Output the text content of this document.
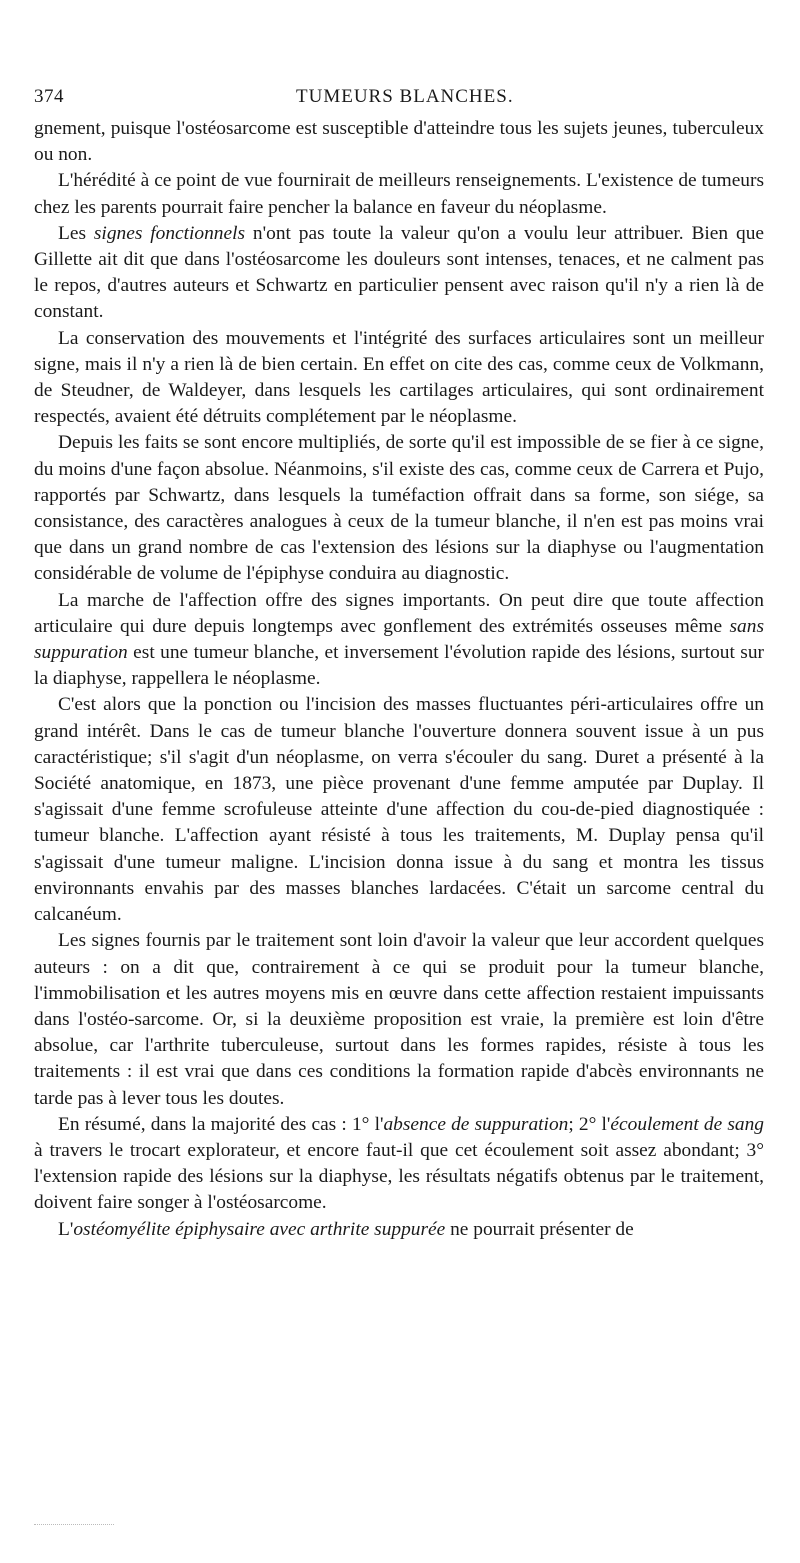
374	TUMEURS BLANCHES.

gnement, puisque l'ostéosarcome est susceptible d'atteindre tous les sujets jeunes, tuberculeux ou non.

L'hérédité à ce point de vue fournirait de meilleurs renseignements. L'existence de tumeurs chez les parents pourrait faire pencher la balance en faveur du néoplasme.

Les signes fonctionnels n'ont pas toute la valeur qu'on a voulu leur attribuer. Bien que Gillette ait dit que dans l'ostéosarcome les douleurs sont intenses, tenaces, et ne calment pas le repos, d'autres auteurs et Schwartz en particulier pensent avec raison qu'il n'y a rien là de constant.

La conservation des mouvements et l'intégrité des surfaces articulaires sont un meilleur signe, mais il n'y a rien là de bien certain. En effet on cite des cas, comme ceux de Volkmann, de Steudner, de Waldeyer, dans lesquels les cartilages articulaires, qui sont ordinairement respectés, avaient été détruits complétement par le néoplasme.

Depuis les faits se sont encore multipliés, de sorte qu'il est impossible de se fier à ce signe, du moins d'une façon absolue. Néanmoins, s'il existe des cas, comme ceux de Carrera et Pujo, rapportés par Schwartz, dans lesquels la tuméfaction offrait dans sa forme, son siége, sa consistance, des caractères analogues à ceux de la tumeur blanche, il n'en est pas moins vrai que dans un grand nombre de cas l'extension des lésions sur la diaphyse ou l'augmentation considérable de volume de l'épiphyse conduira au diagnostic.

La marche de l'affection offre des signes importants. On peut dire que toute affection articulaire qui dure depuis longtemps avec gonflement des extrémités osseuses même sans suppuration est une tumeur blanche, et inversement l'évolution rapide des lésions, surtout sur la diaphyse, rappellera le néoplasme.

C'est alors que la ponction ou l'incision des masses fluctuantes péri-articulaires offre un grand intérêt. Dans le cas de tumeur blanche l'ouverture donnera souvent issue à un pus caractéristique; s'il s'agit d'un néoplasme, on verra s'écouler du sang. Duret a présenté à la Société anatomique, en 1873, une pièce provenant d'une femme amputée par Duplay. Il s'agissait d'une femme scrofuleuse atteinte d'une affection du cou-de-pied diagnostiquée : tumeur blanche. L'affection ayant résisté à tous les traitements, M. Duplay pensa qu'il s'agissait d'une tumeur maligne. L'incision donna issue à du sang et montra les tissus environnants envahis par des masses blanches lardacées. C'était un sarcome central du calcanéum.

Les signes fournis par le traitement sont loin d'avoir la valeur que leur accordent quelques auteurs : on a dit que, contrairement à ce qui se produit pour la tumeur blanche, l'immobilisation et les autres moyens mis en œuvre dans cette affection restaient impuissants dans l'ostéo-sarcome. Or, si la deuxième proposition est vraie, la première est loin d'être absolue, car l'arthrite tuberculeuse, surtout dans les formes rapides, résiste à tous les traitements : il est vrai que dans ces conditions la formation rapide d'abcès environnants ne tarde pas à lever tous les doutes.

En résumé, dans la majorité des cas : 1° l'absence de suppuration; 2° l'écoulement de sang à travers le trocart explorateur, et encore faut-il que cet écoulement soit assez abondant; 3° l'extension rapide des lésions sur la diaphyse, les résultats négatifs obtenus par le traitement, doivent faire songer à l'ostéosarcome.

L'ostéomyélite épiphysaire avec arthrite suppurée ne pourrait présenter de
